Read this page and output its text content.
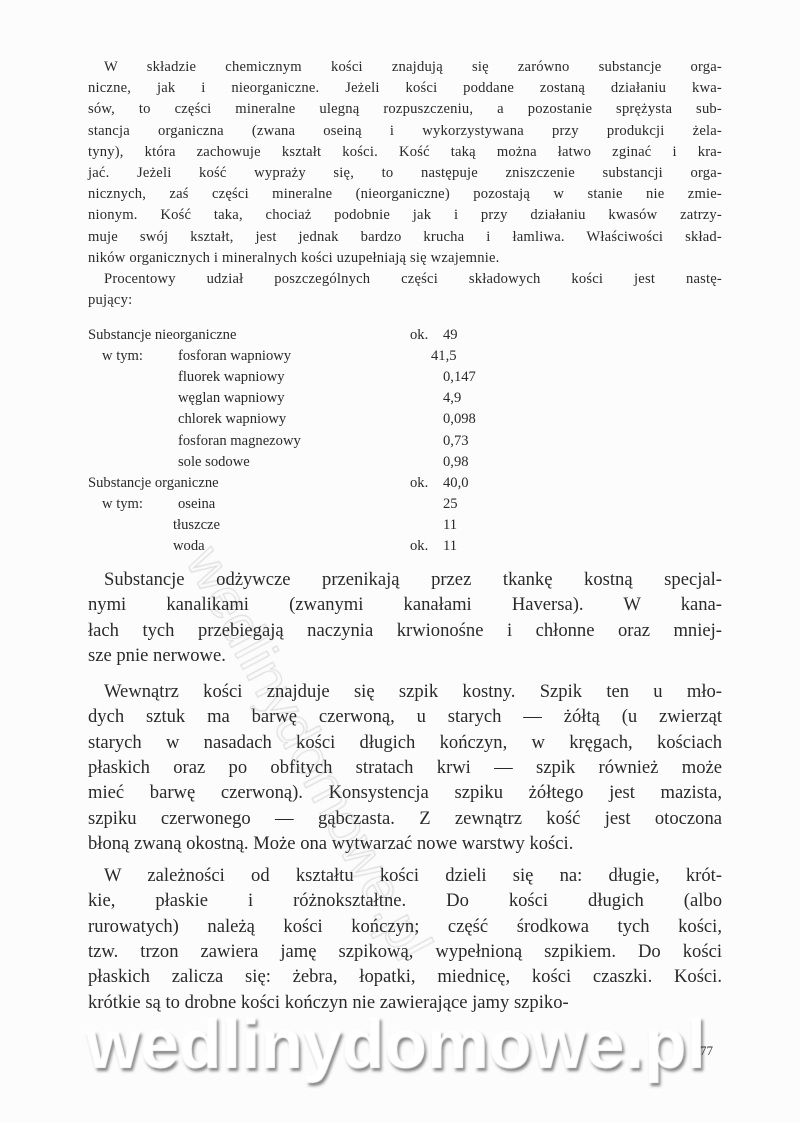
W składzie chemicznym kości znajdują się zarówno substancje orga-
niczne, jak i nieorganiczne. Jeżeli kości poddane zostaną działaniu kwa-
sów, to części mineralne ulegną rozpuszczeniu, a pozostanie sprężysta sub-
stancja organiczna (zwana oseiną i wykorzystywana przy produkcji żela-
tyny), która zachowuje kształt kości. Kość taką można łatwo zginać i kra-
jać. Jeżeli kość wypraży się, to następuje zniszczenie substancji orga-
nicznych, zaś części mineralne (nieorganiczne) pozostają w stanie nie zmie-
nionym. Kość taka, chociaż podobnie jak i przy działaniu kwasów zatrzy-
muje swój kształt, jest jednak bardzo krucha i łamliwa. Właściwości skład-
ników organicznych i mineralnych kości uzupełniają się wzajemnie.
Procentowy udział poszczególnych części składowych kości jest nastę-
pujący:
Substancje odżywcze przenikają przez tkankę kostną specjal-
nymi kanalikami (zwanymi kanałami Haversa). W kana-
łach tych przebiegają naczynia krwionośne i chłonne oraz mniej-
sze pnie nerwowe.
Wewnątrz kości znajduje się szpik kostny. Szpik ten u mło-
dych sztuk ma barwę czerwoną, u starych — żółtą (u zwierząt
starych w nasadach kości długich kończyn, w kręgach, kościach
płaskich oraz po obfitych stratach krwi — szpik również może
mieć barwę czerwoną). Konsystencja szpiku żółtego jest mazista,
szpiku czerwonego — gąbczasta. Z zewnątrz kość jest otoczona
błoną zwaną okostną. Może ona wytwarzać nowe warstwy kości.
W zależności od kształtu kości dzieli się na: długie, krót-
kie, płaskie i różnokształtne. Do kości długich (albo
rurowatych) należą kości kończyn; część środkowa tych kości,
tzw. trzon zawiera jamę szpikową, wypełnioną szpikiem. Do kości
płaskich zalicza się: żebra, łopatki, miednicę, kości czaszki. Kości.
krótkie są to drobne kości kończyn nie zawierające jamy szpiko-
Substancje nieorganiczne	ok. 49
w tym: fosforan wapniowy	41,5
fluorek wapniowy	0,147
węglan wapniowy	4,9
chlorek wapniowy	0,098
fosforan magnezowy	0,73
sole sodowe	0,98
Substancje organiczne	ok. 40,0
w tym: oseina	25
tłuszcze	11
woda	ok. 11
77
